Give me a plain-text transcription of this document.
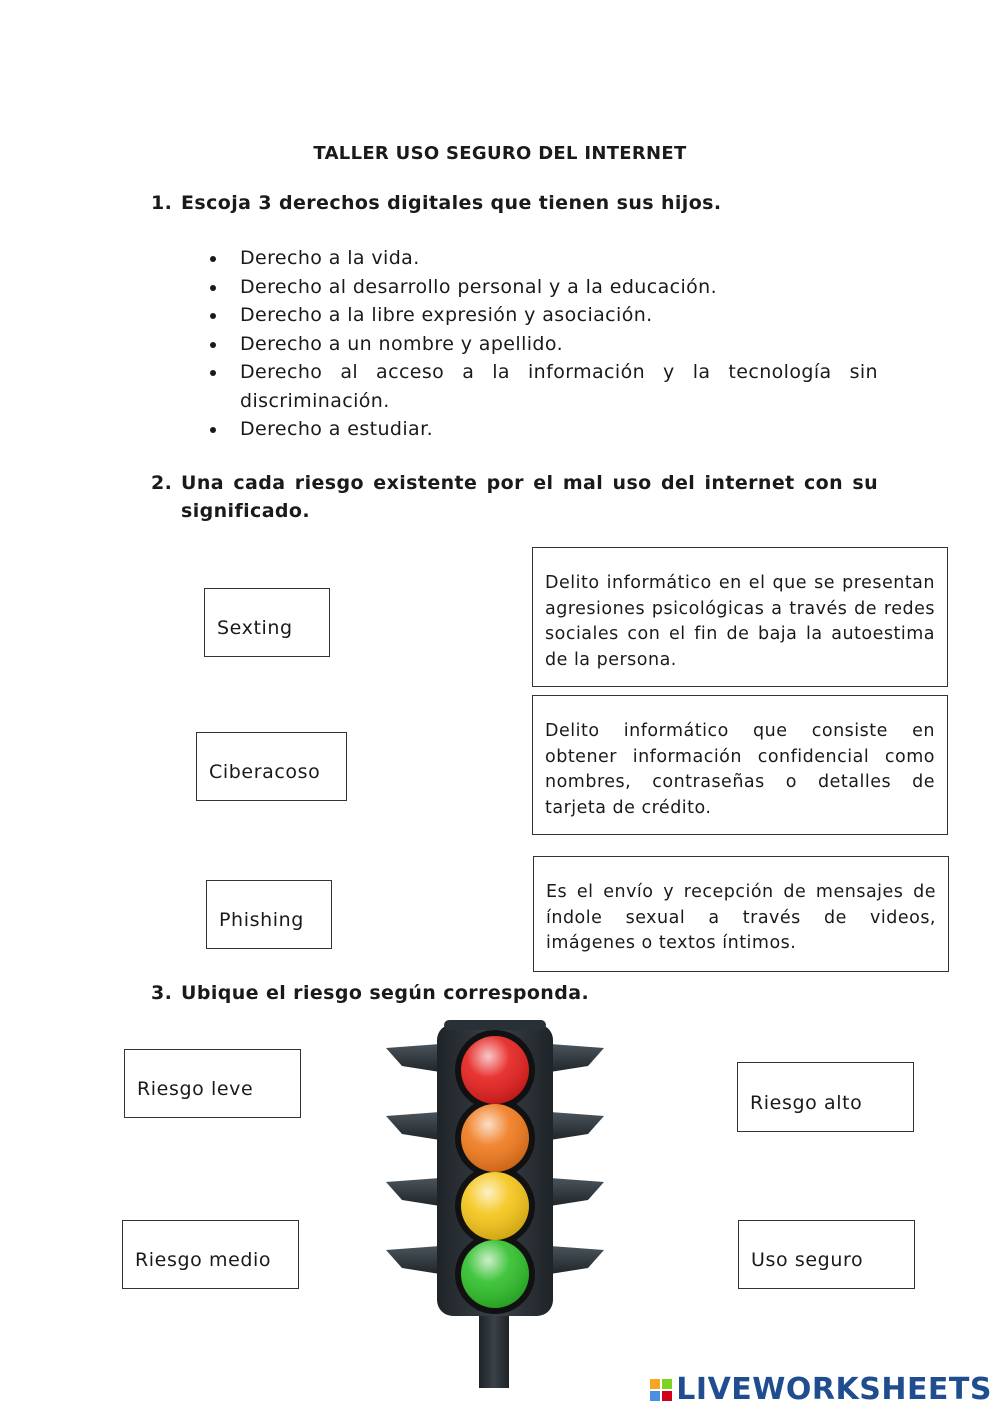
TALLER USO SEGURO DEL INTERNET
1. Escoja 3 derechos digitales que tienen sus hijos.
Derecho a la vida.
Derecho al desarrollo personal y a la educación.
Derecho a la libre expresión y asociación.
Derecho a un nombre y apellido.
Derecho al acceso a la información y la tecnología sin discriminación.
Derecho a estudiar.
2. Una cada riesgo existente por el mal uso del internet con su
significado.
Sexting
Ciberacoso
Phishing
Delito informático en el que se presentan agresiones psicológicas a través de redes sociales con el fin de baja la autoestima de la persona.
Delito informático que consiste en obtener información confidencial como nombres, contraseñas o detalles de tarjeta de crédito.
Es el envío y recepción de mensajes de índole sexual a través de videos, imágenes o textos íntimos.
3. Ubique el riesgo según corresponda.
Riesgo leve
Riesgo medio
Riesgo alto
Uso seguro
LIVEWORKSHEETS
